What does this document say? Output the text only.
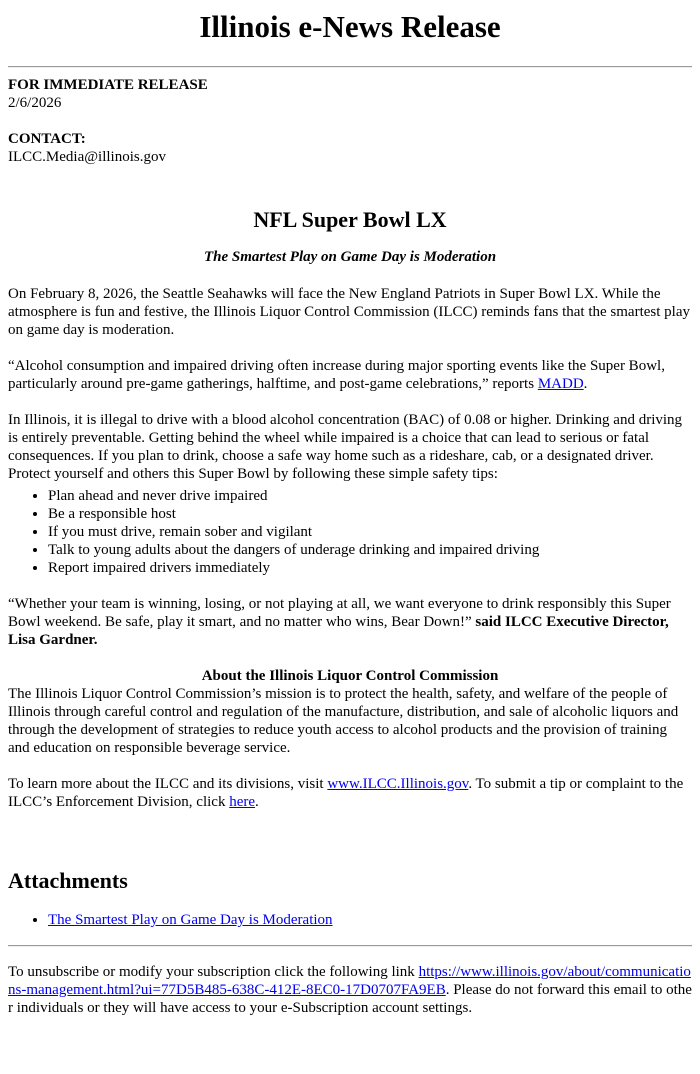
Illinois e-News Release

FOR IMMEDIATE RELEASE

2/6/2026

CONTACT:

ILCC.Media@illinois.gov

NFL Super Bowl LX

The Smartest Play on Game Day is Moderation

On February 8, 2026, the Seattle Seahawks will face the New England Patriots in Super Bowl LX. While the atmosphere is fun and festive, the Illinois Liquor Control Commission (ILCC) reminds fans that the smartest play on game day is moderation.

“Alcohol consumption and impaired driving often increase during major sporting events like the Super Bowl, particularly around pre-game gatherings, halftime, and post-game celebrations,” reports MADD.

In Illinois, it is illegal to drive with a blood alcohol concentration (BAC) of 0.08 or higher. Drinking and driving is entirely preventable. Getting behind the wheel while impaired is a choice that can lead to serious or fatal consequences. If you plan to drink, choose a safe way home such as a rideshare, cab, or a designated driver. Protect yourself and others this Super Bowl by following these simple safety tips:

• Plan ahead and never drive impaired
• Be a responsible host
• If you must drive, remain sober and vigilant
• Talk to young adults about the dangers of underage drinking and impaired driving
• Report impaired drivers immediately

“Whether your team is winning, losing, or not playing at all, we want everyone to drink responsibly this Super Bowl weekend. Be safe, play it smart, and no matter who wins, Bear Down!” said ILCC Executive Director, Lisa Gardner.

About the Illinois Liquor Control Commission

The Illinois Liquor Control Commission’s mission is to protect the health, safety, and welfare of the people of Illinois through careful control and regulation of the manufacture, distribution, and sale of alcoholic liquors and through the development of strategies to reduce youth access to alcohol products and the provision of training and education on responsible beverage service.

To learn more about the ILCC and its divisions, visit www.ILCC.Illinois.gov. To submit a tip or complaint to the ILCC’s Enforcement Division, click here.

Attachments
• The Smartest Play on Game Day is Moderation

To unsubscribe or modify your subscription click the following link https://www.illinois.gov/about/communications-management.html?ui=77D5B485-638C-412E-8EC0-17D0707FA9EB. Please do not forward this email to other individuals or they will have access to your e-Subscription account settings.
